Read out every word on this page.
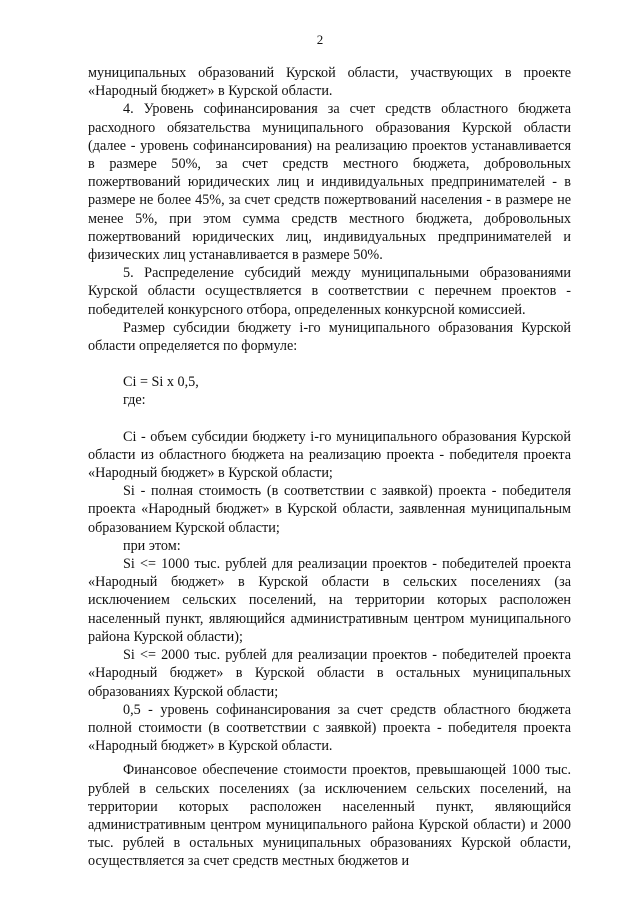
2

муниципальных образований Курской области, участвующих в проекте «Народный бюджет» в Курской области.

4. Уровень софинансирования за счет средств областного бюджета расходного обязательства муниципального образования Курской области (далее - уровень софинансирования) на реализацию проектов устанавливается в размере 50%, за счет средств местного бюджета, добровольных пожертвований юридических лиц и индивидуальных предпринимателей - в размере не более 45%, за счет средств пожертвований населения - в размере не менее 5%, при этом сумма средств местного бюджета, добровольных пожертвований юридических лиц, индивидуальных предпринимателей и физических лиц устанавливается в размере 50%.

5. Распределение субсидий между муниципальными образованиями Курской области осуществляется в соответствии с перечнем проектов - победителей конкурсного отбора, определенных конкурсной комиссией.

Размер субсидии бюджету i-го муниципального образования Курской области определяется по формуле:

Ci = Si x 0,5,

где:

Ci - объем субсидии бюджету i-го муниципального образования Курской области из областного бюджета на реализацию проекта - победителя проекта «Народный бюджет» в Курской области;

Si - полная стоимость (в соответствии с заявкой) проекта - победителя проекта «Народный бюджет» в Курской области, заявленная муниципальным образованием Курской области;

при этом:

Si <= 1000 тыс. рублей для реализации проектов - победителей проекта «Народный бюджет» в Курской области в сельских поселениях (за исключением сельских поселений, на территории которых расположен населенный пункт, являющийся административным центром муниципального района Курской области);

Si <= 2000 тыс. рублей для реализации проектов - победителей проекта «Народный бюджет» в Курской области в остальных муниципальных образованиях Курской области;

0,5 - уровень софинансирования за счет средств областного бюджета полной стоимости (в соответствии с заявкой) проекта - победителя проекта «Народный бюджет» в Курской области.

Финансовое обеспечение стоимости проектов, превышающей 1000 тыс. рублей в сельских поселениях (за исключением сельских поселений, на территории которых расположен населенный пункт, являющийся административным центром муниципального района Курской области) и 2000 тыс. рублей в остальных муниципальных образованиях Курской области, осуществляется за счет средств местных бюджетов и
